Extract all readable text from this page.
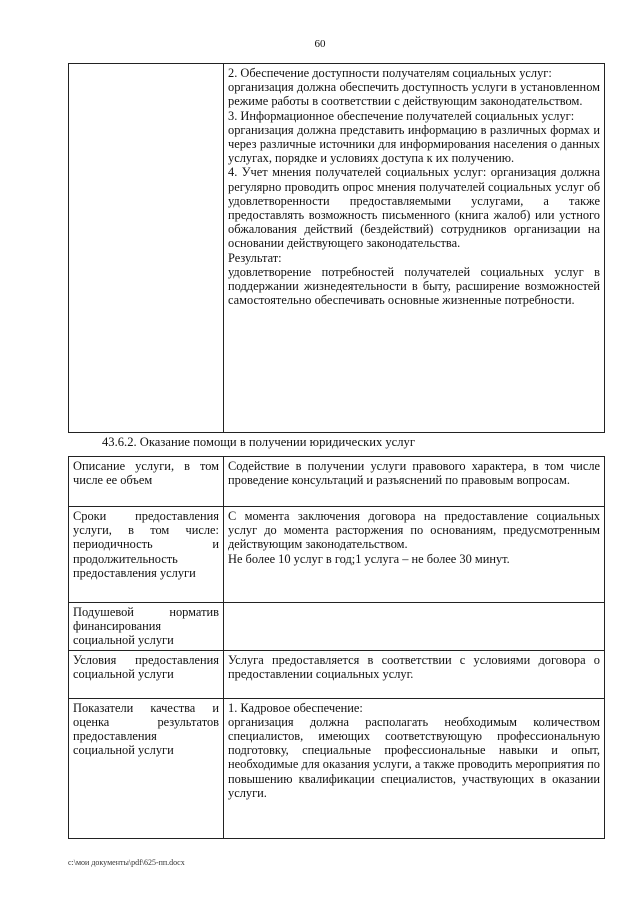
60

2. Обеспечение доступности получателям социальных услуг:

организация должна обеспечить доступность услуги в установленном режиме работы в соответствии с действующим законодательством.

3. Информационное обеспечение получателей социальных услуг:

организация должна представить информацию в различных формах и через различные источники для информирования населения о данных услугах, порядке и условиях доступа к их получению.

4. Учет мнения получателей социальных услуг: организация должна регулярно проводить опрос мнения получателей социальных услуг об удовлетворенности предоставляемыми услугами, а также предоставлять возможность письменного (книга жалоб) или устного обжалования действий (бездействий) сотрудников организации на основании действующего законодательства.

Результат:

удовлетворение потребностей получателей социальных услуг в поддержании жизнедеятельности в быту, расширение возможностей самостоятельно обеспечивать основные жизненные потребности.

43.6.2. Оказание помощи в получении юридических услуг
Описание услуги, в том числе ее объем	Содействие в получении услуги правового характера, в том числе проведение консультаций и разъяснений по правовым вопросам.

Сроки предоставления услуги, в том числе: периодичность и продолжительность предоставления услуги	С момента заключения договора на предоставление социальных услуг до момента расторжения по основаниям, предусмотренным действующим законодательством.

Не более 10 услуг в год;1 услуга – не более 30 минут.

Подушевой норматив финансирования социальной услуги	

Условия предоставления социальной услуги	Услуга предоставляется в соответствии с условиями договора о предоставлении социальных услуг.

Показатели качества и оценка результатов предоставления социальной услуги	1. Кадровое обеспечение:

организация должна располагать необходимым количеством специалистов, имеющих соответствующую профессиональную подготовку, специальные профессиональные навыки и опыт, необходимые для оказания услуги, а также проводить мероприятия по повышению квалификации специалистов, участвующих в оказании услуги.

c:\мои документы\pdf\625-пп.docx
